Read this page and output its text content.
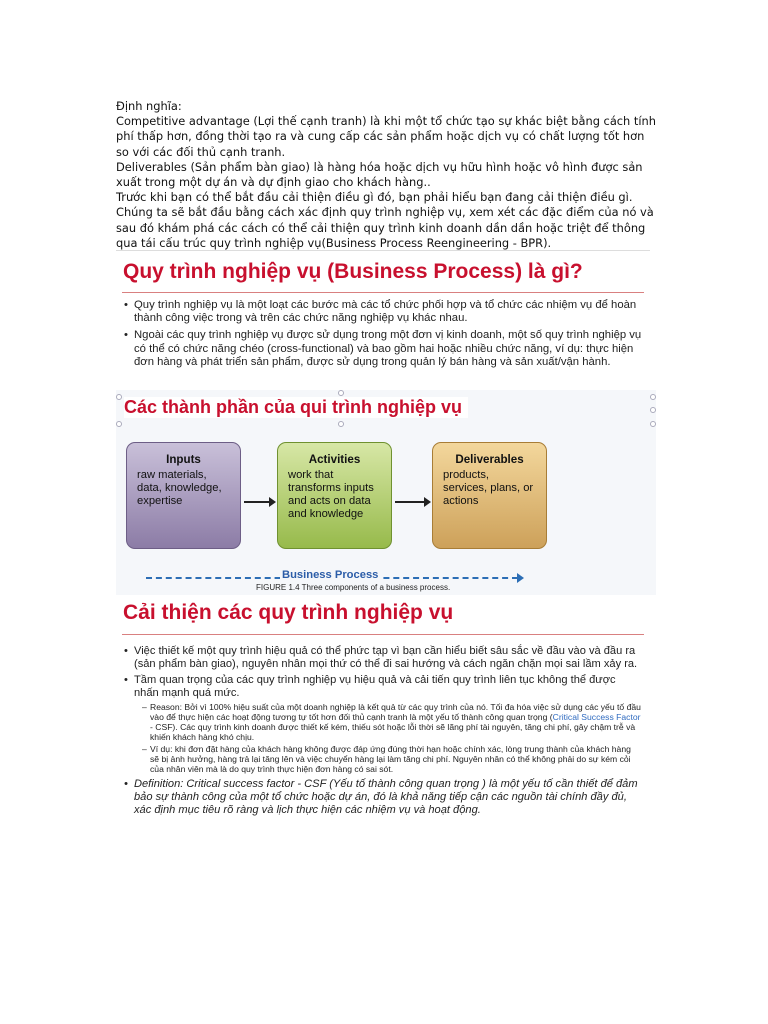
Định nghĩa:

Competitive advantage (Lợi thế cạnh tranh) là khi một tổ chức tạo sự khác biệt bằng cách tính phí thấp hơn, đồng thời tạo ra và cung cấp các sản phẩm hoặc dịch vụ có chất lượng tốt hơn so với các đối thủ cạnh tranh.

Deliverables (Sản phẩm bàn giao) là hàng hóa hoặc dịch vụ hữu hình hoặc vô hình được sản xuất trong một dự án và dự định giao cho khách hàng..

Trước khi bạn có thể bắt đầu cải thiện điều gì đó, bạn phải hiểu bạn đang cải thiện điều gì. Chúng ta sẽ bắt đầu bằng cách xác định quy trình nghiệp vụ, xem xét các đặc điểm của nó và sau đó khám phá các cách có thể cải thiện quy trình kinh doanh dần dần hoặc triệt để thông qua tái cấu trúc quy trình nghiệp vụ(Business Process Reengineering - BPR).

Quy trình nghiệp vụ (Business Process) là gì?
• Quy trình nghiệp vụ là một loạt các bước mà các tổ chức phối hợp và tổ chức các nhiệm vụ để hoàn thành công việc trong và trên các chức năng nghiệp vụ khác nhau.
• Ngoài các quy trình nghiệp vụ được sử dụng trong một đơn vị kinh doanh, một số quy trình nghiệp vụ có thể có chức năng chéo (cross-functional) và bao gồm hai hoặc nhiều chức năng, ví dụ: thực hiện đơn hàng và phát triển sản phẩm, được sử dụng trong quản lý bán hàng và sản xuất/vận hành.
Các thành phần của qui trình nghiệp vụ
Inputs
raw materials, data, knowledge, expertise
Activities
work that transforms inputs and acts on data and knowledge
Deliverables
products, services, plans, or actions
Business Process
FIGURE 1.4 Three components of a business process.
Cải thiện các quy trình nghiệp vụ
• Việc thiết kế một quy trình hiệu quả có thể phức tạp vì bạn cần hiểu biết sâu sắc về đầu vào và đầu ra (sản phẩm bàn giao), nguyên nhân mọi thứ có thể đi sai hướng và cách ngăn chặn mọi sai lầm xảy ra.
• Tầm quan trọng của các quy trình nghiệp vụ hiệu quả và cải tiến quy trình liên tục không thể được nhấn mạnh quá mức.
– Reason: Bởi vì 100% hiệu suất của một doanh nghiệp là kết quả từ các quy trình của nó. Tối đa hóa việc sử dụng các yếu tố đầu vào để thực hiện các hoạt động tương tự tốt hơn đối thủ cạnh tranh là một yếu tố thành công quan trọng (Critical Success Factor - CSF). Các quy trình kinh doanh được thiết kế kém, thiếu sót hoặc lỗi thời sẽ lãng phí tài nguyên, tăng chi phí, gây chậm trễ và khiến khách hàng khó chịu.
– Ví dụ: khi đơn đặt hàng của khách hàng không được đáp ứng đúng thời hạn hoặc chính xác, lòng trung thành của khách hàng sẽ bị ảnh hưởng, hàng trả lại tăng lên và việc chuyển hàng lại làm tăng chi phí. Nguyên nhân có thể không phải do sự kém cỏi của nhân viên mà là do quy trình thực hiện đơn hàng có sai sót.
• Definition: Critical success factor - CSF (Yếu tố thành công quan trọng ) là một yếu tố cần thiết để đảm bảo sự thành công của một tổ chức hoặc dự án, đó là khả năng tiếp cận các nguồn tài chính đầy đủ, xác định mục tiêu rõ ràng và lịch thực hiện các nhiệm vụ và hoạt động.
